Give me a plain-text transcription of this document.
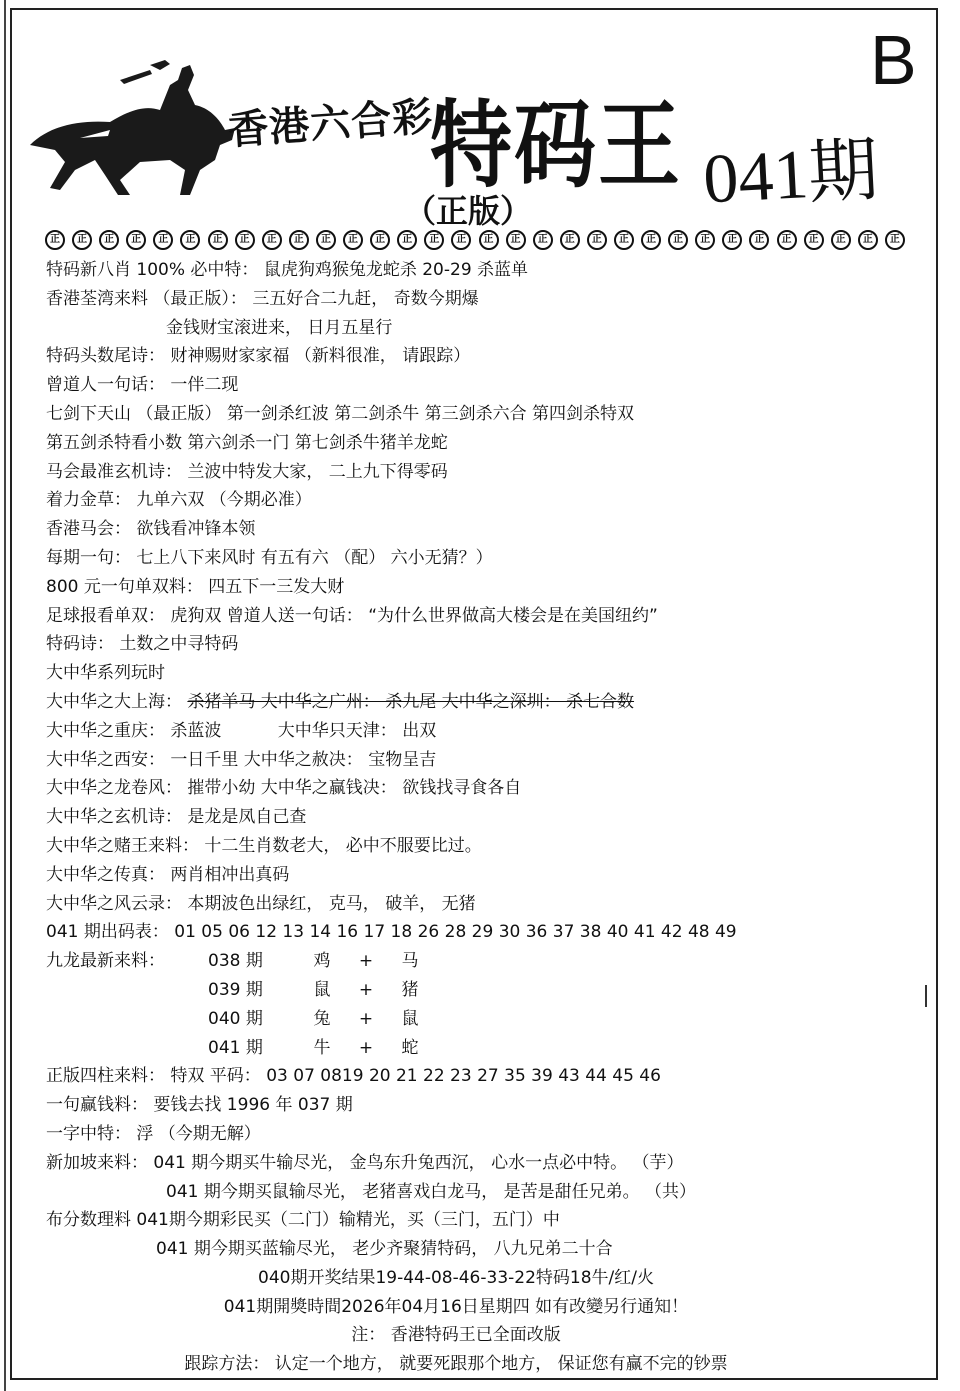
香港六合彩
特码王 041期
B
（正版）
正	正	正	正	正	正	正	正	正	正	正	正	正	正	正	正	正	正	正	正	正	正	正	正	正	正	正	正	正	正	正	正
特码新八肖 100% 必中特： 鼠虎狗鸡猴兔龙蛇杀 20-29 杀蓝单
香港荃湾来料 （最正版）： 三五好合二九赶， 奇数今期爆
金钱财宝滚进来， 日月五星行
特码头数尾诗： 财神赐财家家福 （新料很准， 请跟踪）
曾道人一句话： 一伴二现
七剑下天山 （最正版） 第一剑杀红波 第二剑杀牛 第三剑杀六合 第四剑杀特双
第五剑杀特看小数 第六剑杀一门 第七剑杀牛猪羊龙蛇
马会最准玄机诗： 兰波中特发大家， 二上九下得零码
着力金草： 九单六双 （今期必准）
香港马会： 欲钱看冲锋本领
每期一句： 七上八下来风时 有五有六 （配） 六小无猜？）
800 元一句单双料： 四五下一三发大财
足球报看单双： 虎狗双 曾道人送一句话： “为什么世界做高大楼会是在美国纽约”
特码诗： 土数之中寻特码
大中华系列玩时
大中华之大上海： 杀猪羊马 大中华之广州： 杀九尾 大中华之深圳： 杀七合数
大中华之重庆： 杀蓝波　　　 大中华只天津： 出双
大中华之西安： 一日千里 大中华之赦决： 宝物呈吉
大中华之龙卷风： 摧带小幼 大中华之赢钱决： 欲钱找寻食各自
大中华之玄机诗： 是龙是凤自己查
大中华之赌王来料： 十二生肖数老大， 必中不服要比过。
大中华之传真： 两肖相冲出真码
大中华之风云录： 本期波色出绿红， 克马， 破羊， 无猪
041 期出码表： 01 05 06 12 13 14 16 17 18 26 28 29 30 36 37 38 40 41 42 48 49
九龙最新来料：	038 期	鸡 + 马
039 期	鼠 + 猪
040 期	兔 + 鼠
041 期	牛 + 蛇
正版四柱来料： 特双 平码： 03 07 0819 20 21 22 23 27 35 39 43 44 45 46
一句赢钱料： 要钱去找 1996 年 037 期
一字中特： 浮 （今期无解）
新加坡来料： 041 期今期买牛输尽光， 金鸟东升兔西沉， 心水一点必中特。 （芋）
041 期今期买鼠输尽光， 老猪喜戏白龙马， 是苦是甜任兄弟。 （共）
布分数理料 041期今期彩民买（二门）输精光，买（三门，五门）中
041 期今期买蓝输尽光， 老少齐聚猜特码， 八九兄弟二十合
040期开奖结果19-44-08-46-33-22特码18牛/红/火
041期開獎時間2026年04月16日星期四 如有改變另行通知！
注： 香港特码王已全面改版
跟踪方法： 认定一个地方， 就要死跟那个地方， 保证您有赢不完的钞票
